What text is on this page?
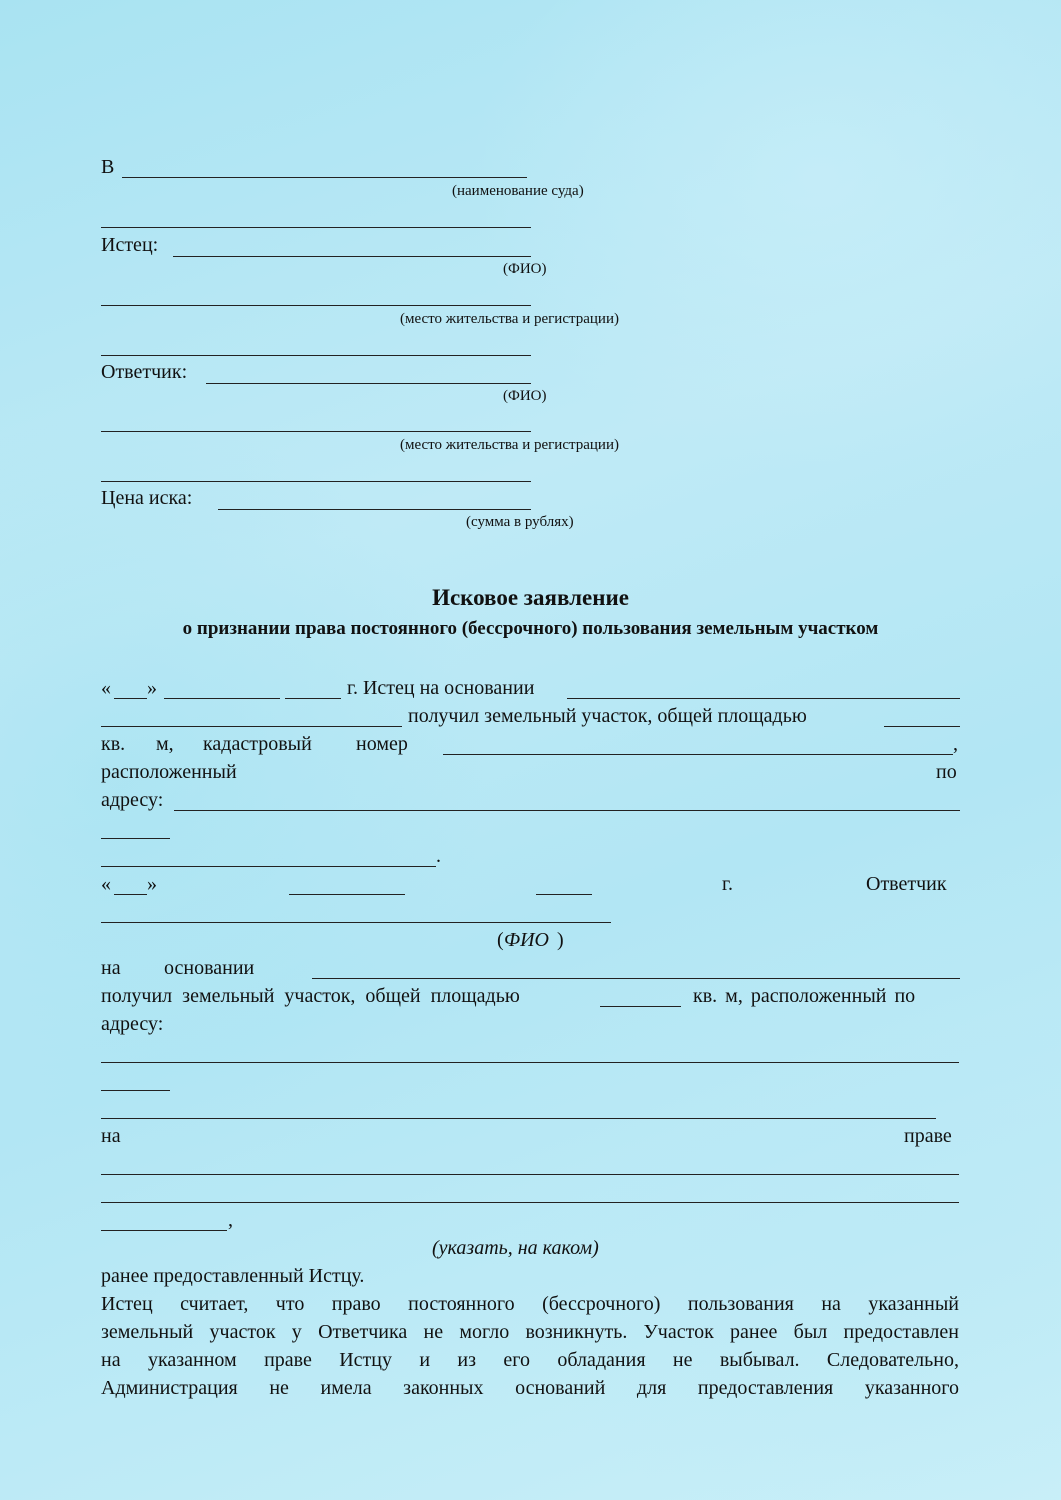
В
(наименование суда)
Истец:
(ФИО)
(место жительства и регистрации)
Ответчик:
(ФИО)
(место жительства и регистрации)
Цена иска:
(сумма в рублях)
Исковое заявление
о признании права постоянного (бессрочного) пользования земельным участком
« »	г. Истец на основании
получил земельный участок, общей площадью
кв. м, кадастровый номер	,
расположенный	по
адресу:
.
« »	г.	Ответчик
( ФИО )
на основании
получил земельный участок, общей площадью	кв. м, расположенный по
адресу:
на	праве
,
(указать, на каком)
ранее предоставленный Истцу.
Истец считает, что право постоянного (бессрочного) пользования на указанный
земельный участок у Ответчика не могло возникнуть. Участок ранее был предоставлен
на указанном праве Истцу и из его обладания не выбывал. Следовательно,
Администрация не имела законных оснований для предоставления указанного
